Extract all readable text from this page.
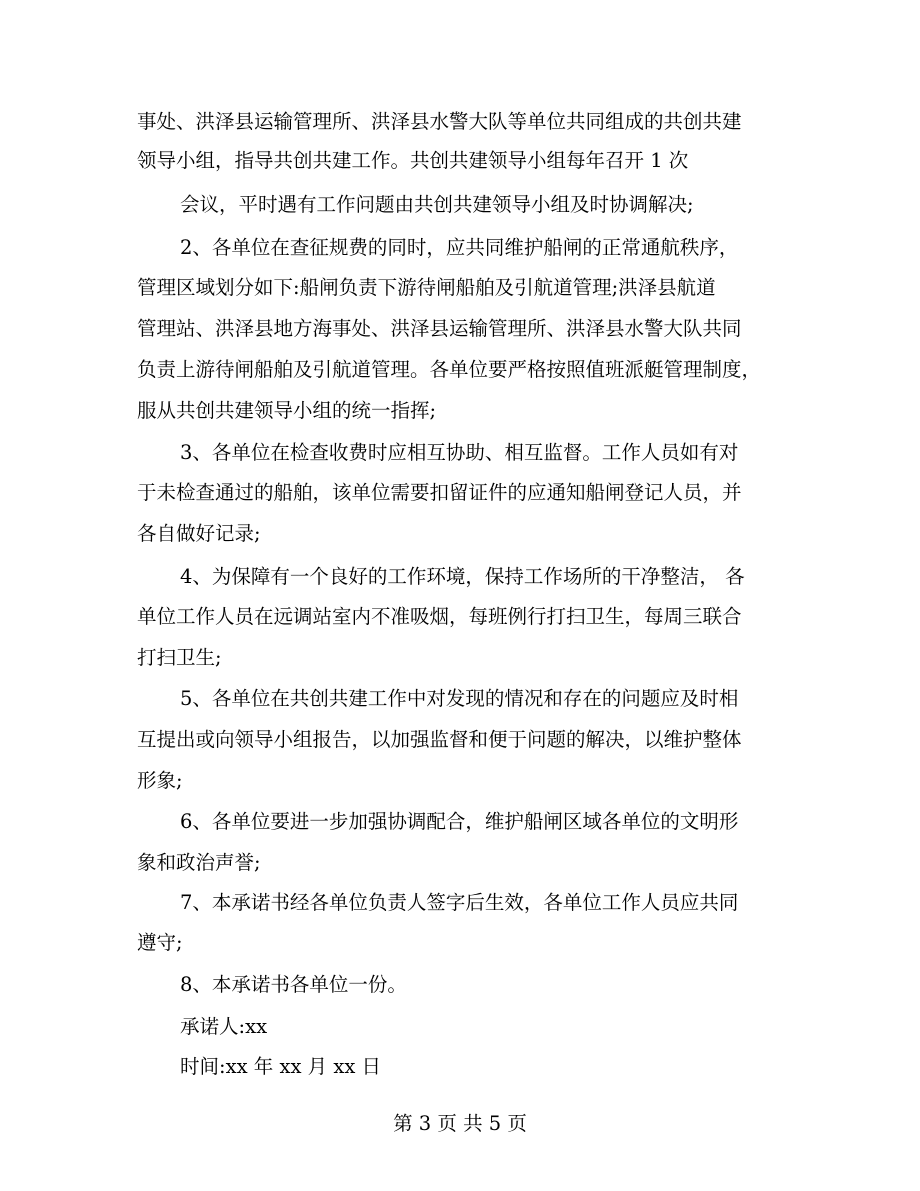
事处、洪泽县运输管理所、洪泽县水警大队等单位共同组成的共创共建
领导小组，指导共创共建工作。共创共建领导小组每年召开 1 次
会议，平时遇有工作问题由共创共建领导小组及时协调解决;
2、各单位在查征规费的同时，应共同维护船闸的正常通航秩序，
管理区域划分如下:船闸负责下游待闸船舶及引航道管理;洪泽县航道
管理站、洪泽县地方海事处、洪泽县运输管理所、洪泽县水警大队共同
负责上游待闸船舶及引航道管理。各单位要严格按照值班派艇管理制度，
服从共创共建领导小组的统一指挥;
3、各单位在检查收费时应相互协助、相互监督。工作人员如有对
于未检查通过的船舶，该单位需要扣留证件的应通知船闸登记人员，并
各自做好记录;
4、为保障有一个良好的工作环境，保持工作场所的干净整洁， 各
单位工作人员在远调站室内不准吸烟，每班例行打扫卫生，每周三联合
打扫卫生;
5、各单位在共创共建工作中对发现的情况和存在的问题应及时相
互提出或向领导小组报告，以加强监督和便于问题的解决，以维护整体
形象;
6、各单位要进一步加强协调配合，维护船闸区域各单位的文明形
象和政治声誉;
7、本承诺书经各单位负责人签字后生效，各单位工作人员应共同
遵守;
8、本承诺书各单位一份。
承诺人:xx
时间:xx 年 xx 月 xx 日
第 3 页 共 5 页
